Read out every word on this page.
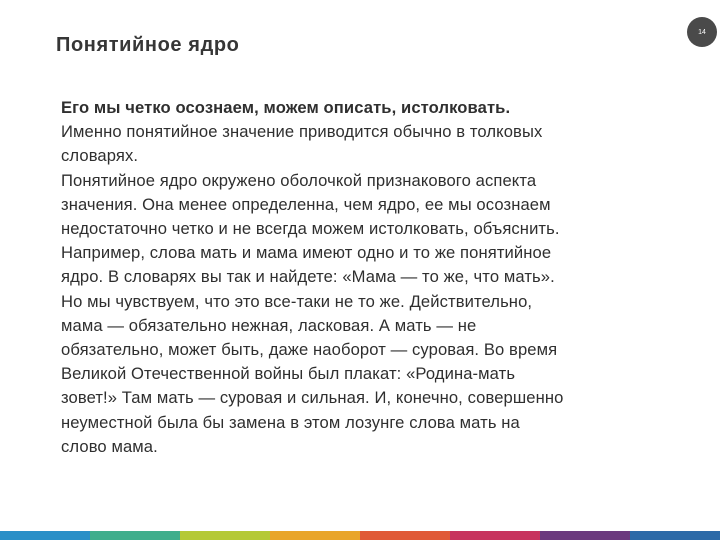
14
Понятийное ядро
Его мы четко осознаем, можем описать, истолковать.
Именно понятийное значение приводится обычно в толковых
словарях.
Понятийное ядро окружено оболочкой признакового аспекта
значения. Она менее определенна, чем ядро, ее мы осознаем
недостаточно четко и не всегда можем истолковать, объяснить.
Например, слова мать и мама имеют одно и то же понятийное
ядро. В словарях вы так и найдете: «Мама — то же, что мать».
Но мы чувствуем, что это все-таки не то же. Действительно,
мама — обязательно нежная, ласковая. А мать — не
обязательно, может быть, даже наоборот — суровая. Во время
Великой Отечественной войны был плакат: «Родина-мать
зовет!» Там мать — суровая и сильная. И, конечно, совершенно
неуместной была бы замена в этом лозунге слова мать на
слово мама.
